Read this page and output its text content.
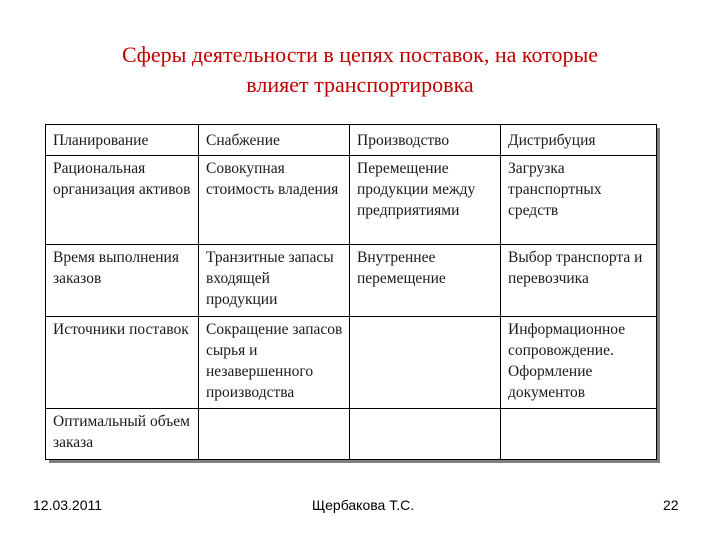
Сферы деятельности в цепях поставок, на которые
влияет транспортировка
Планирование	Снабжение	Производство	Дистрибуция
Рациональная организация активов	Совокупная стоимость владения	Перемещение продукции между предприятиями	Загрузка транспортных средств
Время выполнения заказов	Транзитные запасы входящей продукции	Внутреннее перемещение	Выбор транспорта и перевозчика
Источники поставок	Сокращение запасов сырья и незавершенного производства		Информационное сопровождение. Оформление документов
Оптимальный объем заказа			
12.03.2011	Щербакова Т.С.	22
